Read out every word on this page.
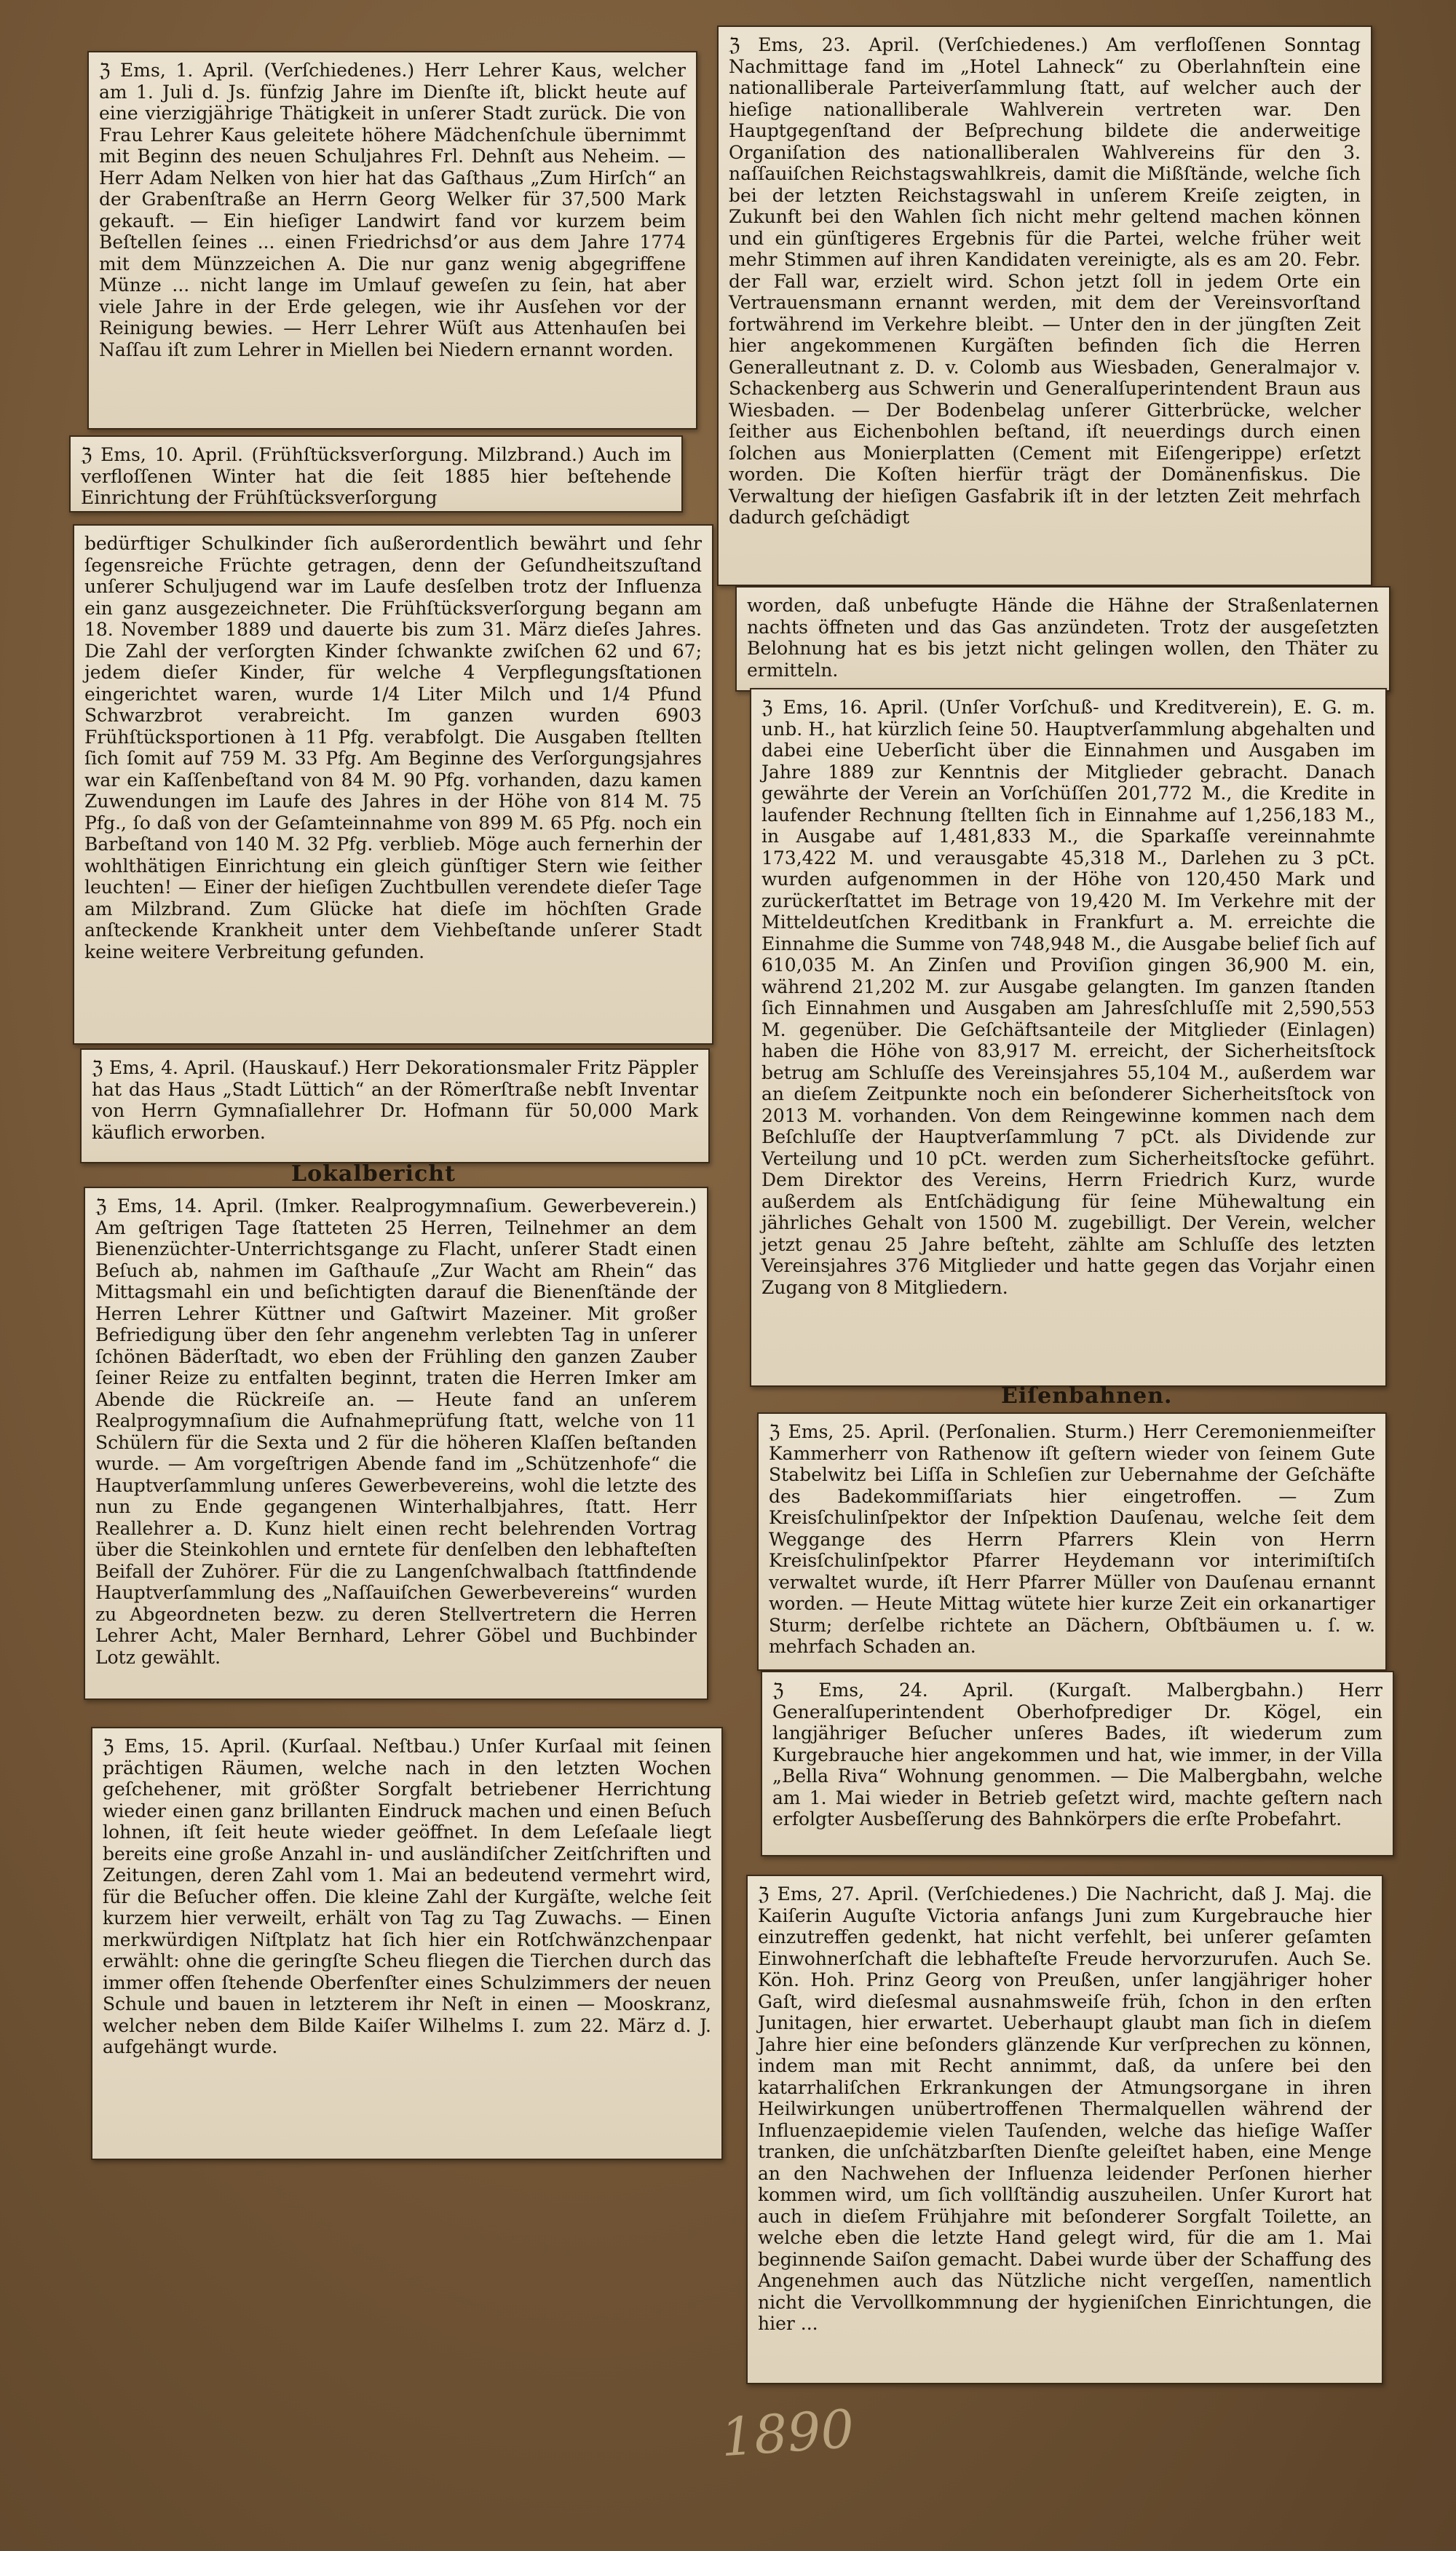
ℨ Ems, 1. April. (Verſchiedenes.) Herr Lehrer Kaus, welcher am 1. Juli d. Js. fünfzig Jahre im Dienſte iſt, blickt heute auf eine vierzigjährige Thätigkeit in unſerer Stadt zurück. Die von Frau Lehrer Kaus geleitete höhere Mädchenſchule übernimmt mit Beginn des neuen Schuljahres Frl. Dehnſt aus Neheim. — Herr Adam Nelken von hier hat das Gaſthaus „Zum Hirſch“ an der Grabenſtraße an Herrn Georg Welker für 37,500 Mark gekauft. — Ein hieſiger Landwirt fand vor kurzem beim Beſtellen ſeines ... einen Friedrichsd’or aus dem Jahre 1774 mit dem Münzzeichen A. Die nur ganz wenig abgegriffene Münze ... nicht lange im Umlauf geweſen zu ſein, hat aber viele Jahre in der Erde gelegen, wie ihr Ausſehen vor der Reinigung bewies. — Herr Lehrer Wüſt aus Attenhauſen bei Naſſau iſt zum Lehrer in Miellen bei Niedern ernannt worden.

ℨ Ems, 10. April. (Frühſtücksverſorgung. Milzbrand.) Auch im verfloſſenen Winter hat die ſeit 1885 hier beſtehende Einrichtung der Frühſtücksverſorgung

bedürftiger Schulkinder ſich außerordentlich bewährt und ſehr ſegensreiche Früchte getragen, denn der Geſundheitszuſtand unſerer Schuljugend war im Laufe desſelben trotz der Influenza ein ganz ausgezeichneter. Die Frühſtücksverſorgung begann am 18. November 1889 und dauerte bis zum 31. März dieſes Jahres. Die Zahl der verſorgten Kinder ſchwankte zwiſchen 62 und 67; jedem dieſer Kinder, für welche 4 Verpflegungsſtationen eingerichtet waren, wurde 1/4 Liter Milch und 1/4 Pfund Schwarzbrot verabreicht. Im ganzen wurden 6903 Frühſtücksportionen à 11 Pfg. verabfolgt. Die Ausgaben ſtellten ſich ſomit auf 759 M. 33 Pfg. Am Beginne des Verſorgungsjahres war ein Kaſſenbeſtand von 84 M. 90 Pfg. vorhanden, dazu kamen Zuwendungen im Laufe des Jahres in der Höhe von 814 M. 75 Pfg., ſo daß von der Geſamteinnahme von 899 M. 65 Pfg. noch ein Barbeſtand von 140 M. 32 Pfg. verblieb. Möge auch fernerhin der wohlthätigen Einrichtung ein gleich günſtiger Stern wie ſeither leuchten! — Einer der hieſigen Zuchtbullen verendete dieſer Tage am Milzbrand. Zum Glücke hat dieſe im höchſten Grade anſteckende Krankheit unter dem Viehbeſtande unſerer Stadt keine weitere Verbreitung gefunden.

ℨ Ems, 4. April. (Hauskauf.) Herr Dekorationsmaler Fritz Päppler hat das Haus „Stadt Lüttich“ an der Römerſtraße nebſt Inventar von Herrn Gymnaſiallehrer Dr. Hofmann für 50,000 Mark käuflich erworben.

Lokalbericht

ℨ Ems, 14. April. (Imker. Realprogymnaſium. Gewerbeverein.) Am geſtrigen Tage ſtatteten 25 Herren, Teilnehmer an dem Bienenzüchter-Unterrichtsgange zu Flacht, unſerer Stadt einen Beſuch ab, nahmen im Gaſthauſe „Zur Wacht am Rhein“ das Mittagsmahl ein und beſichtigten darauf die Bienenſtände der Herren Lehrer Küttner und Gaſtwirt Mazeiner. Mit großer Befriedigung über den ſehr angenehm verlebten Tag in unſerer ſchönen Bäderſtadt, wo eben der Frühling den ganzen Zauber ſeiner Reize zu entfalten beginnt, traten die Herren Imker am Abende die Rückreiſe an. — Heute fand an unſerem Realprogymnaſium die Aufnahmeprüfung ſtatt, welche von 11 Schülern für die Sexta und 2 für die höheren Klaſſen beſtanden wurde. — Am vorgeſtrigen Abende fand im „Schützenhofe“ die Hauptverſammlung unſeres Gewerbevereins, wohl die letzte des nun zu Ende gegangenen Winterhalbjahres, ſtatt. Herr Reallehrer a. D. Kunz hielt einen recht belehrenden Vortrag über die Steinkohlen und erntete für denſelben den lebhafteſten Beifall der Zuhörer. Für die zu Langenſchwalbach ſtattfindende Hauptverſammlung des „Naſſauiſchen Gewerbevereins“ wurden zu Abgeordneten bezw. zu deren Stellvertretern die Herren Lehrer Acht, Maler Bernhard, Lehrer Göbel und Buchbinder Lotz gewählt.

ℨ Ems, 15. April. (Kurſaal. Neſtbau.) Unſer Kurſaal mit ſeinen prächtigen Räumen, welche nach in den letzten Wochen geſchehener, mit größter Sorgfalt betriebener Herrichtung wieder einen ganz brillanten Eindruck machen und einen Beſuch lohnen, iſt ſeit heute wieder geöffnet. In dem Leſeſaale liegt bereits eine große Anzahl in- und ausländiſcher Zeitſchriften und Zeitungen, deren Zahl vom 1. Mai an bedeutend vermehrt wird, für die Beſucher offen. Die kleine Zahl der Kurgäſte, welche ſeit kurzem hier verweilt, erhält von Tag zu Tag Zuwachs. — Einen merkwürdigen Niſtplatz hat ſich hier ein Rotſchwänzchenpaar erwählt: ohne die geringſte Scheu fliegen die Tierchen durch das immer offen ſtehende Oberfenſter eines Schulzimmers der neuen Schule und bauen in letzterem ihr Neſt in einen — Mooskranz, welcher neben dem Bilde Kaiſer Wilhelms I. zum 22. März d. J. aufgehängt wurde.

ℨ Ems, 23. April. (Verſchiedenes.) Am verfloſſenen Sonntag Nachmittage fand im „Hotel Lahneck“ zu Oberlahnſtein eine nationalliberale Parteiverſammlung ſtatt, auf welcher auch der hieſige nationalliberale Wahlverein vertreten war. Den Hauptgegenſtand der Beſprechung bildete die anderweitige Organiſation des nationalliberalen Wahlvereins für den 3. naſſauiſchen Reichstagswahlkreis, damit die Mißſtände, welche ſich bei der letzten Reichstagswahl in unſerem Kreiſe zeigten, in Zukunft bei den Wahlen ſich nicht mehr geltend machen können und ein günſtigeres Ergebnis für die Partei, welche früher weit mehr Stimmen auf ihren Kandidaten vereinigte, als es am 20. Febr. der Fall war, erzielt wird. Schon jetzt ſoll in jedem Orte ein Vertrauensmann ernannt werden, mit dem der Vereinsvorſtand fortwährend im Verkehre bleibt. — Unter den in der jüngſten Zeit hier angekommenen Kurgäſten befinden ſich die Herren Generalleutnant z. D. v. Colomb aus Wiesbaden, Generalmajor v. Schackenberg aus Schwerin und Generalſuperintendent Braun aus Wiesbaden. — Der Bodenbelag unſerer Gitterbrücke, welcher ſeither aus Eichenbohlen beſtand, iſt neuerdings durch einen ſolchen aus Monierplatten (Cement mit Eiſengerippe) erſetzt worden. Die Koſten hierfür trägt der Domänenfiskus. Die Verwaltung der hieſigen Gasfabrik iſt in der letzten Zeit mehrfach dadurch geſchädigt

worden, daß unbefugte Hände die Hähne der Straßenlaternen nachts öffneten und das Gas anzündeten. Trotz der ausgeſetzten Belohnung hat es bis jetzt nicht gelingen wollen, den Thäter zu ermitteln.

ℨ Ems, 16. April. (Unſer Vorſchuß- und Kreditverein), E. G. m. unb. H., hat kürzlich ſeine 50. Hauptverſammlung abgehalten und dabei eine Ueberſicht über die Einnahmen und Ausgaben im Jahre 1889 zur Kenntnis der Mitglieder gebracht. Danach gewährte der Verein an Vorſchüſſen 201,772 M., die Kredite in laufender Rechnung ſtellten ſich in Einnahme auf 1,256,183 M., in Ausgabe auf 1,481,833 M., die Sparkaſſe vereinnahmte 173,422 M. und verausgabte 45,318 M., Darlehen zu 3 pCt. wurden aufgenommen in der Höhe von 120,450 Mark und zurückerſtattet im Betrage von 19,420 M. Im Verkehre mit der Mitteldeutſchen Kreditbank in Frankfurt a. M. erreichte die Einnahme die Summe von 748,948 M., die Ausgabe belief ſich auf 610,035 M. An Zinſen und Proviſion gingen 36,900 M. ein, während 21,202 M. zur Ausgabe gelangten. Im ganzen ſtanden ſich Einnahmen und Ausgaben am Jahresſchluſſe mit 2,590,553 M. gegenüber. Die Geſchäftsanteile der Mitglieder (Einlagen) haben die Höhe von 83,917 M. erreicht, der Sicherheitsſtock betrug am Schluſſe des Vereinsjahres 55,104 M., außerdem war an dieſem Zeitpunkte noch ein beſonderer Sicherheitsſtock von 2013 M. vorhanden. Von dem Reingewinne kommen nach dem Beſchluſſe der Hauptverſammlung 7 pCt. als Dividende zur Verteilung und 10 pCt. werden zum Sicherheitsſtocke geführt. Dem Direktor des Vereins, Herrn Friedrich Kurz, wurde außerdem als Entſchädigung für ſeine Mühewaltung ein jährliches Gehalt von 1500 M. zugebilligt. Der Verein, welcher jetzt genau 25 Jahre beſteht, zählte am Schluſſe des letzten Vereinsjahres 376 Mitglieder und hatte gegen das Vorjahr einen Zugang von 8 Mitgliedern.

Eiſenbahnen.

ℨ Ems, 25. April. (Perſonalien. Sturm.) Herr Ceremonienmeiſter Kammerherr von Rathenow iſt geſtern wieder von ſeinem Gute Stabelwitz bei Liſſa in Schleſien zur Uebernahme der Geſchäfte des Badekommiſſariats hier eingetroffen. — Zum Kreisſchulinſpektor der Inſpektion Dauſenau, welche ſeit dem Weggange des Herrn Pfarrers Klein von Herrn Kreisſchulinſpektor Pfarrer Heydemann vor interimiſtiſch verwaltet wurde, iſt Herr Pfarrer Müller von Dauſenau ernannt worden. — Heute Mittag wütete hier kurze Zeit ein orkanartiger Sturm; derſelbe richtete an Dächern, Obſtbäumen u. ſ. w. mehrfach Schaden an.

ℨ Ems, 24. April. (Kurgaſt. Malbergbahn.) Herr Generalſuperintendent Oberhofprediger Dr. Kögel, ein langjähriger Beſucher unſeres Bades, iſt wiederum zum Kurgebrauche hier angekommen und hat, wie immer, in der Villa „Bella Riva“ Wohnung genommen. — Die Malbergbahn, welche am 1. Mai wieder in Betrieb geſetzt wird, machte geſtern nach erfolgter Ausbeſſerung des Bahnkörpers die erſte Probefahrt.

ℨ Ems, 27. April. (Verſchiedenes.) Die Nachricht, daß J. Maj. die Kaiſerin Auguſte Victoria anfangs Juni zum Kurgebrauche hier einzutreffen gedenkt, hat nicht verfehlt, bei unſerer geſamten Einwohnerſchaft die lebhafteſte Freude hervorzurufen. Auch Se. Kön. Hoh. Prinz Georg von Preußen, unſer langjähriger hoher Gaſt, wird dieſesmal ausnahmsweiſe früh, ſchon in den erſten Junitagen, hier erwartet. Ueberhaupt glaubt man ſich in dieſem Jahre hier eine beſonders glänzende Kur verſprechen zu können, indem man mit Recht annimmt, daß, da unſere bei den katarrhaliſchen Erkrankungen der Atmungsorgane in ihren Heilwirkungen unübertroffenen Thermalquellen während der Influenzaepidemie vielen Tauſenden, welche das hieſige Waſſer tranken, die unſchätzbarſten Dienſte geleiſtet haben, eine Menge an den Nachwehen der Influenza leidender Perſonen hierher kommen wird, um ſich vollſtändig auszuheilen. Unſer Kurort hat auch in dieſem Frühjahre mit beſonderer Sorgfalt Toilette, an welche eben die letzte Hand gelegt wird, für die am 1. Mai beginnende Saiſon gemacht. Dabei wurde über der Schaffung des Angenehmen auch das Nützliche nicht vergeſſen, namentlich nicht die Vervollkommnung der hygieniſchen Einrichtungen, die hier ...

1890
